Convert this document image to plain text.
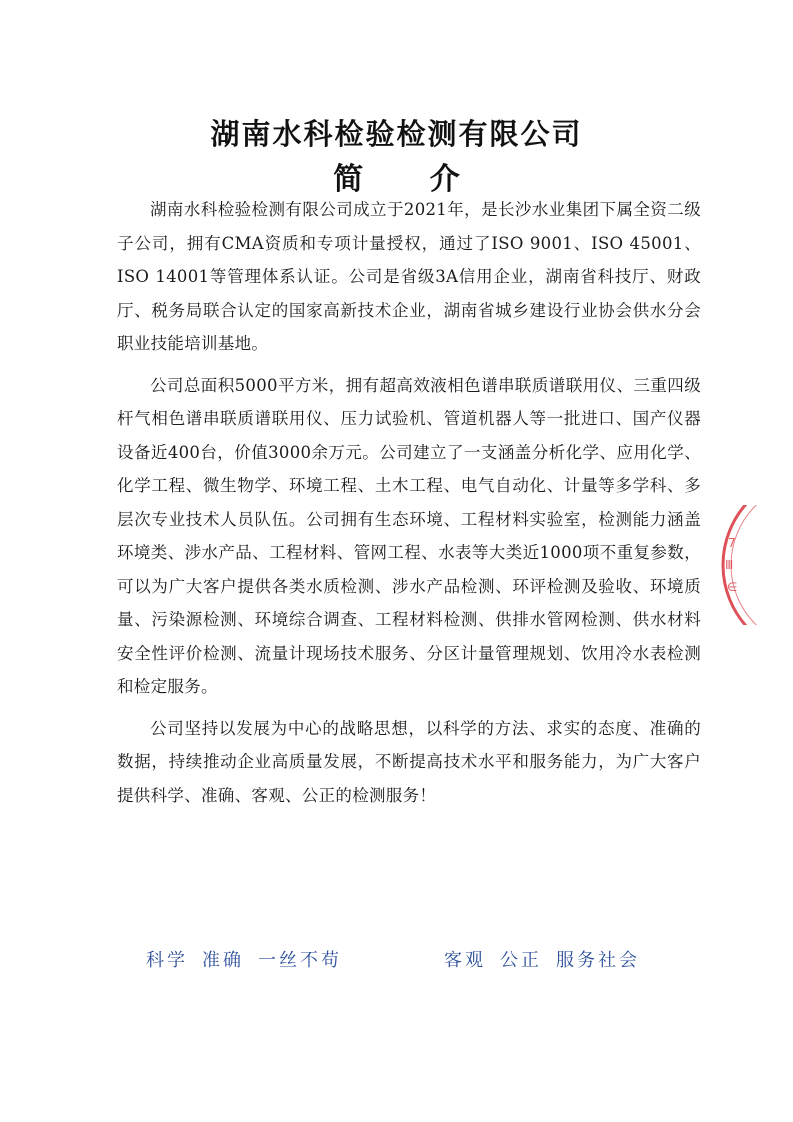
湖南水科检验检测有限公司
简 介

湖南水科检验检测有限公司成立于2021年，是长沙水业集团下属全资二级子公司，拥有CMA资质和专项计量授权，通过了ISO 9001、ISO 45001、ISO 14001等管理体系认证。公司是省级3A信用企业，湖南省科技厅、财政厅、税务局联合认定的国家高新技术企业，湖南省城乡建设行业协会供水分会职业技能培训基地。

公司总面积5000平方米，拥有超高效液相色谱串联质谱联用仪、三重四级杆气相色谱串联质谱联用仪、压力试验机、管道机器人等一批进口、国产仪器设备近400台，价值3000余万元。公司建立了一支涵盖分析化学、应用化学、化学工程、微生物学、环境工程、土木工程、电气自动化、计量等多学科、多层次专业技术人员队伍。公司拥有生态环境、工程材料实验室，检测能力涵盖环境类、涉水产品、工程材料、管网工程、水表等大类近1000项不重复参数，可以为广大客户提供各类水质检测、涉水产品检测、环评检测及验收、环境质量、污染源检测、环境综合调查、工程材料检测、供排水管网检测、供水材料安全性评价检测、流量计现场技术服务、分区计量管理规划、饮用冷水表检测和检定服务。

公司坚持以发展为中心的战略思想，以科学的方法、求实的态度、准确的数据，持续推动企业高质量发展，不断提高技术水平和服务能力，为广大客户提供科学、准确、客观、公正的检测服务！

7
Ⅲ
∈
科学 准确 一丝不苟	客观 公正 服务社会
